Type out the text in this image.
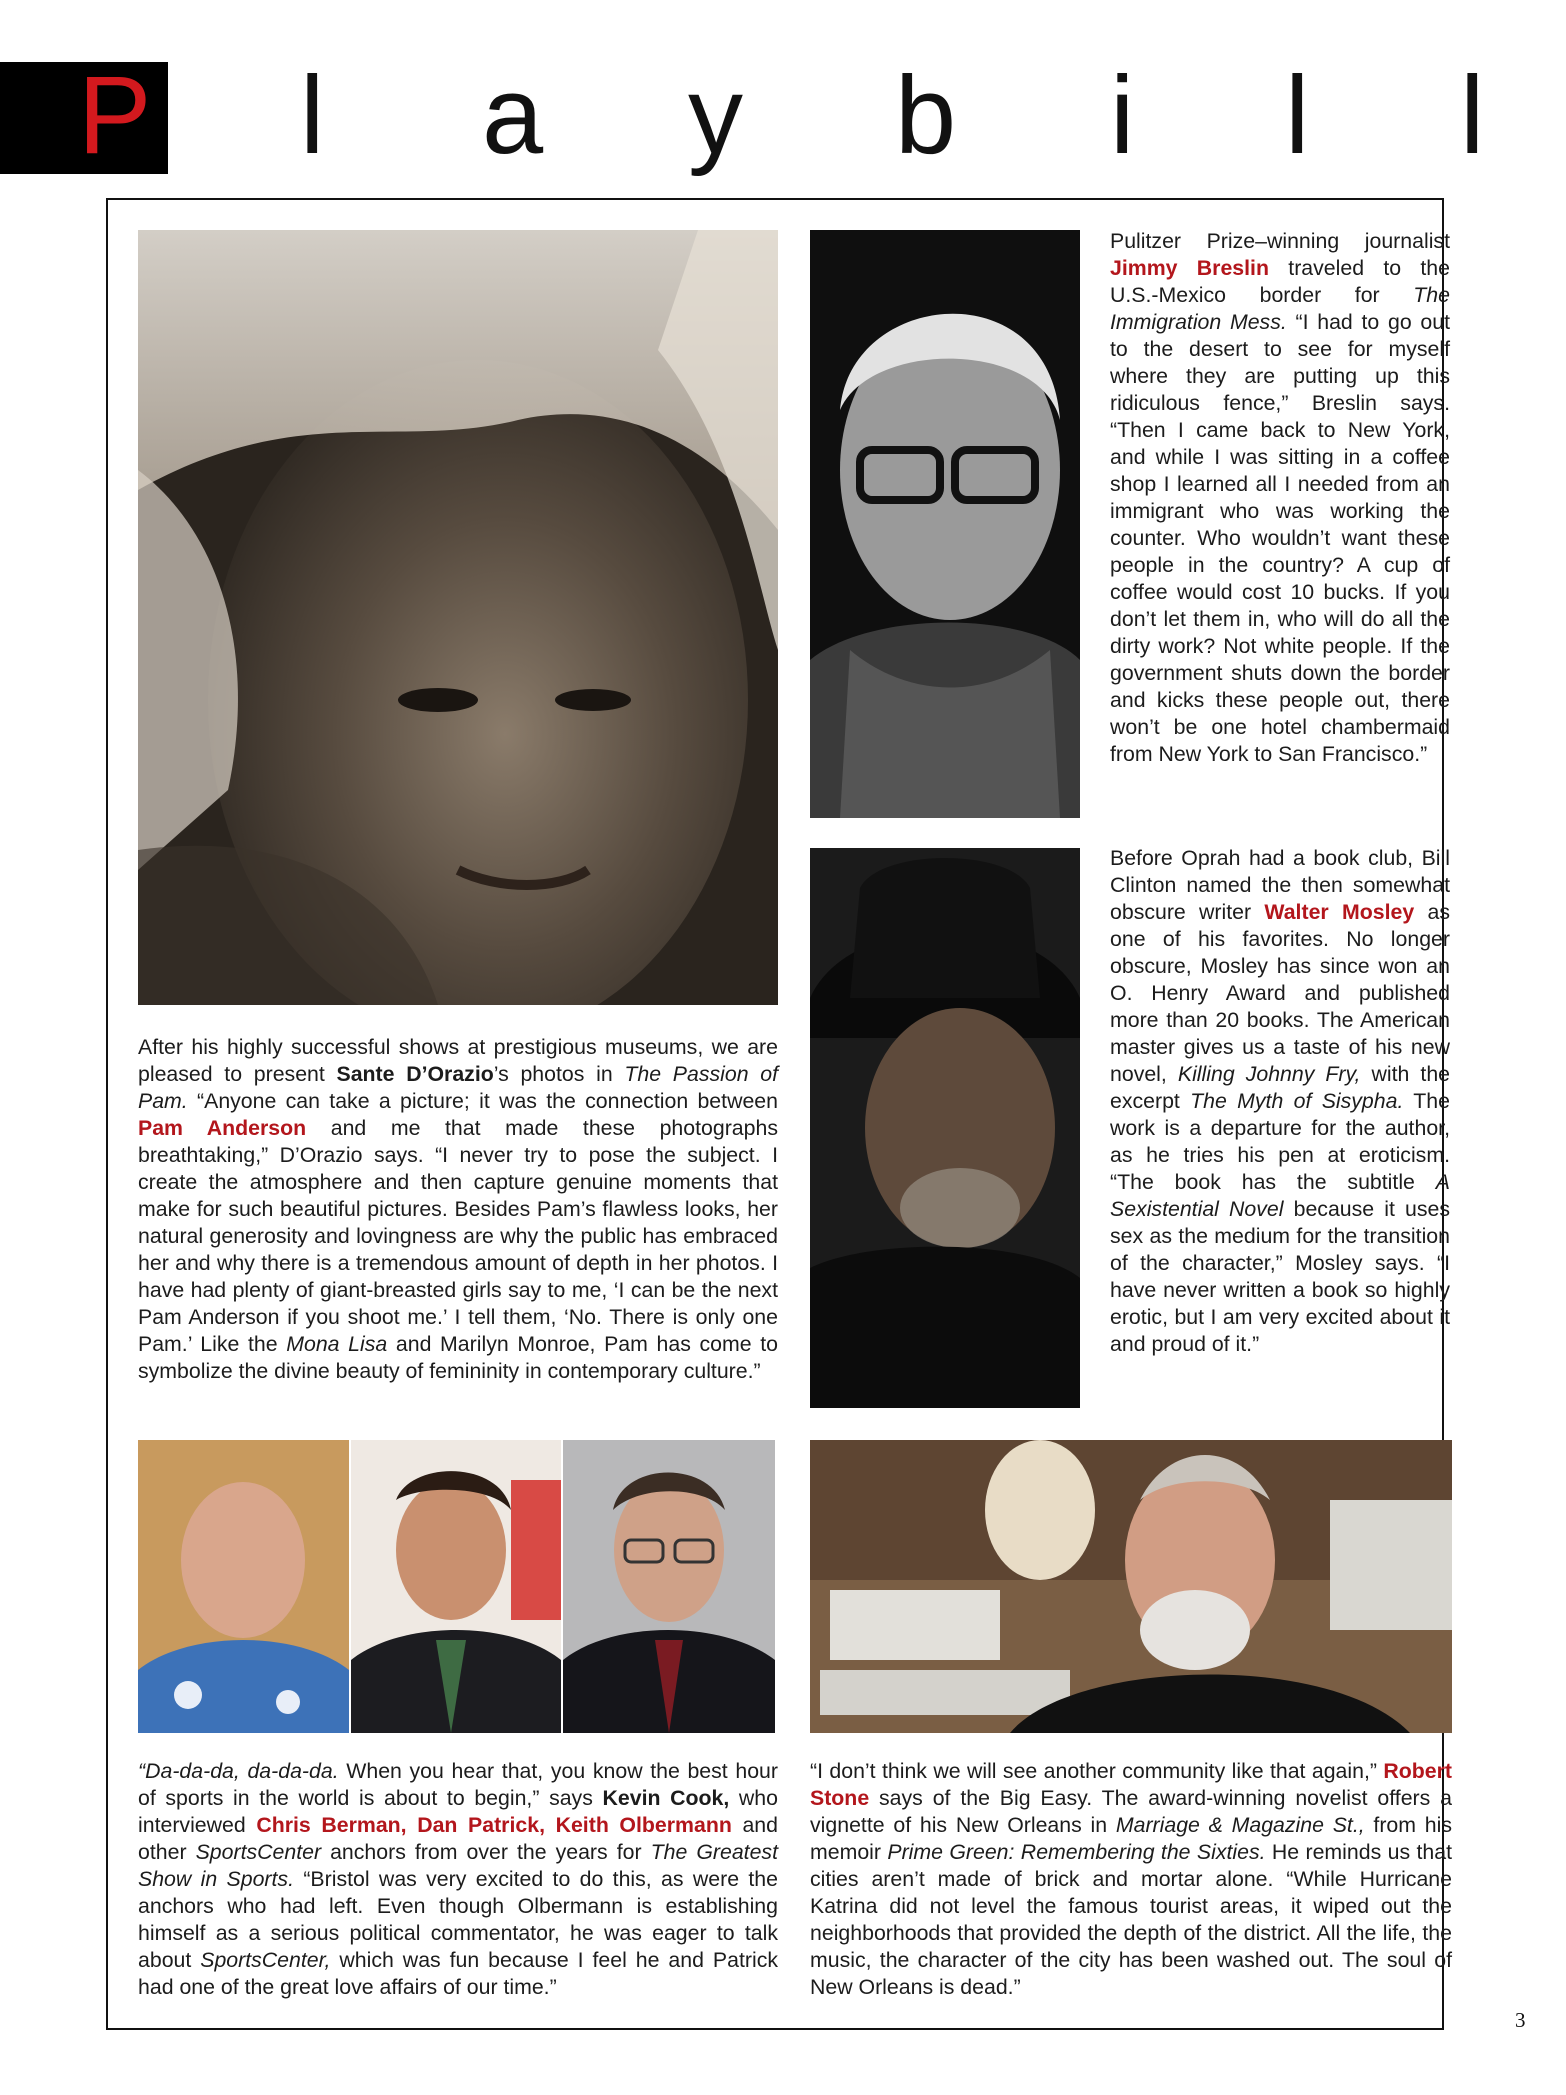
P l a y b i l l

Pulitzer Prize–winning journalist Jimmy Breslin traveled to the U.S.-Mexico border for The Immigration Mess. “I had to go out to the desert to see for myself where they are putting up this ridiculous fence,” Breslin says. “Then I came back to New York, and while I was sitting in a coffee shop I learned all I needed from an immigrant who was working the counter. Who wouldn’t want these people in the country? A cup of coffee would cost 10 bucks. If you don’t let them in, who will do all the dirty work? Not white people. If the government shuts down the border and kicks these people out, there won’t be one hotel chambermaid from New York to San Francisco.”

Before Oprah had a book club, Bill Clinton named the then somewhat obscure writer Walter Mosley as one of his favorites. No longer obscure, Mosley has since won an O. Henry Award and published more than 20 books. The American master gives us a taste of his new novel, Killing Johnny Fry, with the excerpt The Myth of Sisypha. The work is a departure for the author, as he tries his pen at eroticism. “The book has the subtitle A Sexistential Novel because it uses sex as the medium for the transition of the character,” Mosley says. “I have never written a book so highly erotic, but I am very excited about it and proud of it.”

After his highly successful shows at prestigious museums, we are pleased to present Sante D’Orazio’s photos in The Passion of Pam. “Anyone can take a picture; it was the connection between Pam Anderson and me that made these photographs breathtaking,” D’Orazio says. “I never try to pose the subject. I create the atmosphere and then capture genuine moments that make for such beautiful pictures. Besides Pam’s flawless looks, her natural generosity and lovingness are why the public has embraced her and why there is a tremendous amount of depth in her photos. I have had plenty of giant-breasted girls say to me, ‘I can be the next Pam Anderson if you shoot me.’ I tell them, ‘No. There is only one Pam.’ Like the Mona Lisa and Marilyn Monroe, Pam has come to symbolize the divine beauty of femininity in contemporary culture.”

“Da-da-da, da-da-da. When you hear that, you know the best hour of sports in the world is about to begin,” says Kevin Cook, who interviewed Chris Berman, Dan Patrick, Keith Olbermann and other SportsCenter anchors from over the years for The Greatest Show in Sports. “Bristol was very excited to do this, as were the anchors who had left. Even though Olbermann is establishing himself as a serious political commentator, he was eager to talk about SportsCenter, which was fun because I feel he and Patrick had one of the great love affairs of our time.”

“I don’t think we will see another community like that again,” Robert Stone says of the Big Easy. The award-winning novelist offers a vignette of his New Orleans in Marriage & Magazine St., from his memoir Prime Green: Remembering the Sixties. He reminds us that cities aren’t made of brick and mortar alone. “While Hurricane Katrina did not level the famous tourist areas, it wiped out the neighborhoods that provided the depth of the district. All the life, the music, the character of the city has been washed out. The soul of New Orleans is dead.”

3
